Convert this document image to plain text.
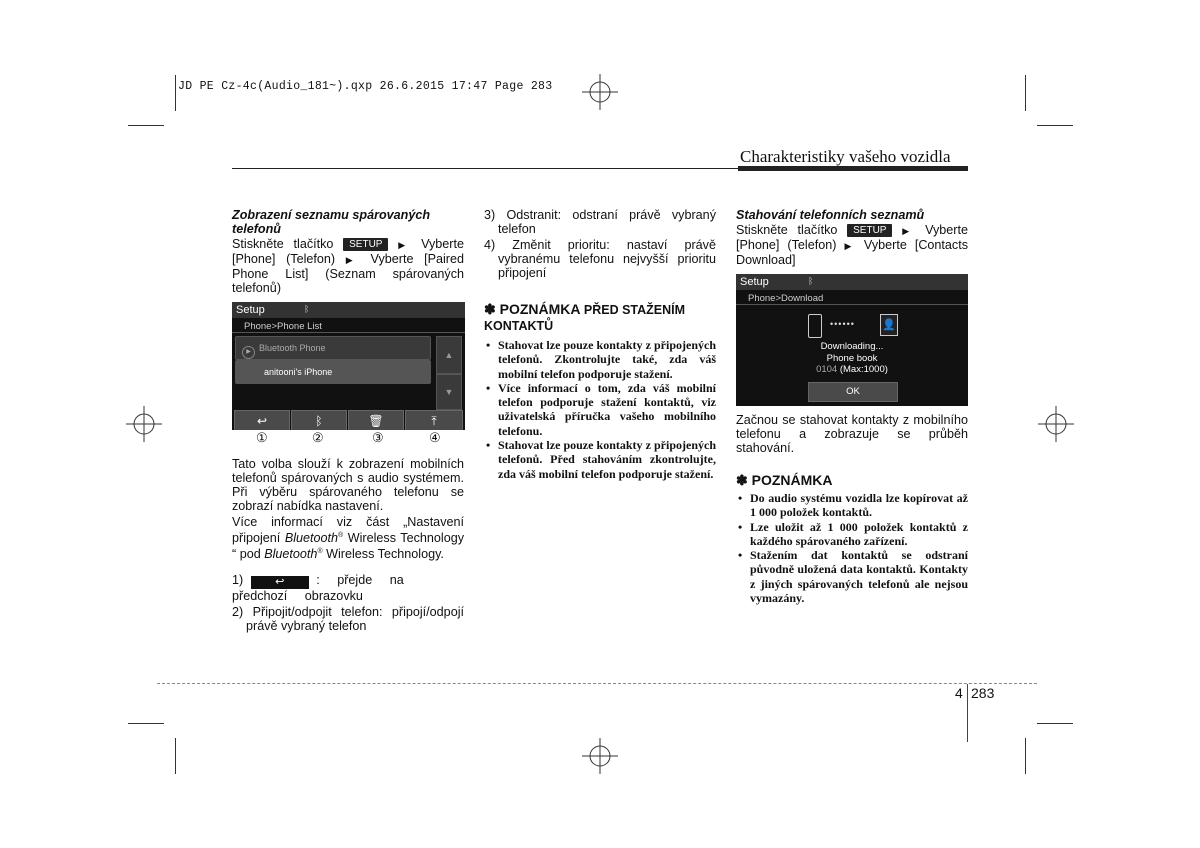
JD PE Cz-4c(Audio_181~).qxp 26.6.2015 17:47 Page 283
Charakteristiky vašeho vozidla
Zobrazení seznamu spárovaných telefonů

Stiskněte tlačítko SETUP ▶ Vyberte [Phone] (Telefon) ▶ Vyberte [Paired Phone List] (Seznam spárovaných telefonů)

Setup	ᛒ
Phone>Phone List
▶ Bluetooth Phone
anitooni's iPhone
▲
▼
↩	ᛒ	🗑	⤒
①	②	③	④

Tato volba slouží k zobrazení mobilních telefonů spárovaných s audio systémem. Při výběru spárovaného telefonu se zobrazí nabídka nastavení.

Více informací viz část „Nastavení připojení Bluetooth® Wireless Technology “ pod Bluetooth® Wireless Technology.

1)	↩	: přejde na předchozí obrazovku

2) Připojit/odpojit telefon: připojí/odpojí právě vybraný telefon

3) Odstranit: odstraní právě vybraný telefon

4) Změnit prioritu: nastaví právě vybranému telefonu nejvyšší prioritu připojení

✽ POZNÁMKA PŘED STAŽENÍM KONTAKTŮ
• Stahovat lze pouze kontakty z připojených telefonů. Zkontrolujte také, zda váš mobilní telefon podporuje stažení.
• Více informací o tom, zda váš mobilní telefon podporuje stažení kontaktů, viz uživatelská příručka vašeho mobilního telefonu.
• Stahovat lze pouze kontakty z připojených telefonů. Před stahováním zkontrolujte, zda váš mobilní telefon podporuje stažení.
Stahování telefonních seznamů

Stiskněte tlačítko SETUP ▶ Vyberte [Phone] (Telefon) ▶ Vyberte [Contacts Download]

Setup	ᛒ
Phone>Download
•••••• 👤
Downloading...
Phone book
0104 (Max:1000)
OK

Začnou se stahovat kontakty z mobilního telefonu a zobrazuje se průběh stahování.

✽ POZNÁMKA
• Do audio systému vozidla lze kopírovat až 1 000 položek kontaktů.
• Lze uložit až 1 000 položek kontaktů z každého spárovaného zařízení.
• Stažením dat kontaktů se odstraní původně uložená data kontaktů. Kontakty z jiných spárovaných telefonů ale nejsou vymazány.
4 283
